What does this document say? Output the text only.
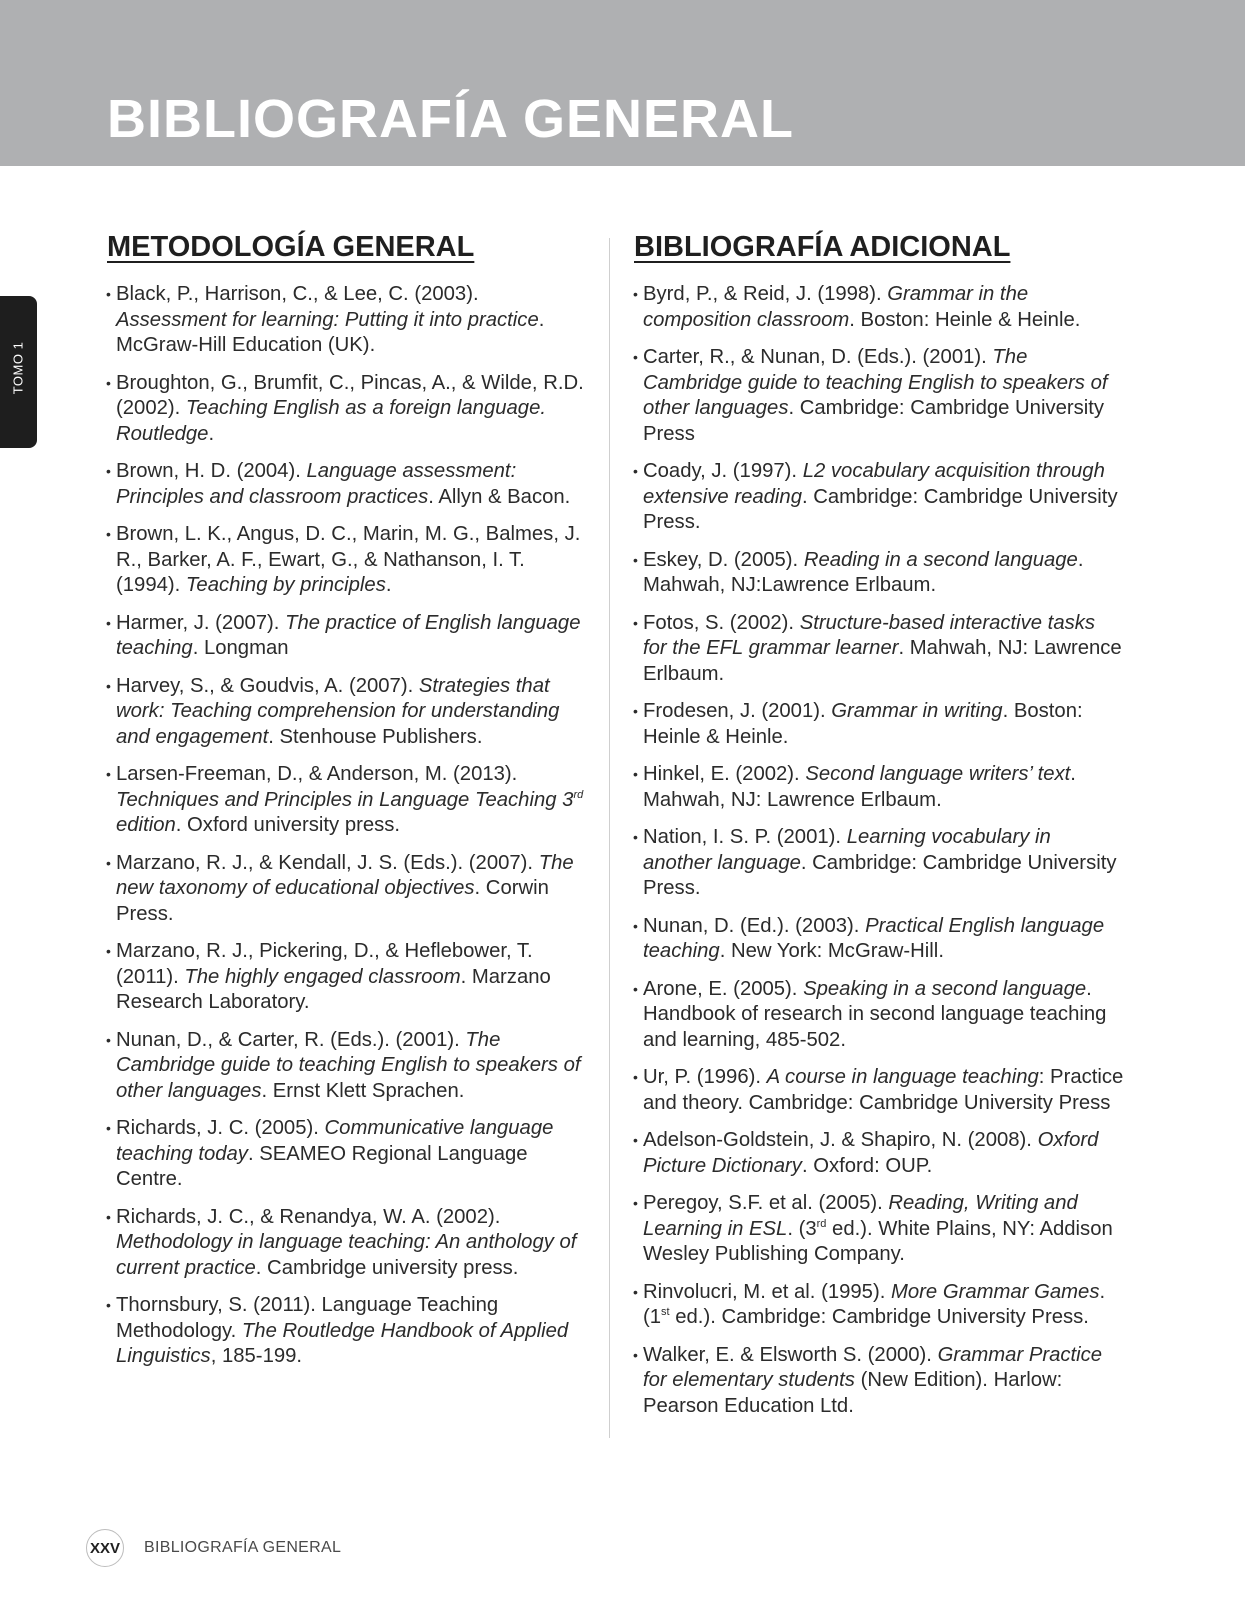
BIBLIOGRAFÍA GENERAL
TOMO 1
METODOLOGÍA GENERAL
• Black, P., Harrison, C., & Lee, C. (2003). Assessment for learning: Putting it into practice. McGraw-Hill Education (UK).
• Broughton, G., Brumfit, C., Pincas, A., & Wilde, R.D. (2002). Teaching English as a foreign language. Routledge.
• Brown, H. D. (2004). Language assessment: Principles and classroom practices. Allyn & Bacon.
• Brown, L. K., Angus, D. C., Marin, M. G., Balmes, J. R., Barker, A. F., Ewart, G., & Nathanson, I. T. (1994). Teaching by principles.
• Harmer, J. (2007). The practice of English language teaching. Longman
• Harvey, S., & Goudvis, A. (2007). Strategies that work: Teaching comprehension for understanding and engagement. Stenhouse Publishers.
• Larsen-Freeman, D., & Anderson, M. (2013). Techniques and Principles in Language Teaching 3rd edition. Oxford university press.
• Marzano, R. J., & Kendall, J. S. (Eds.). (2007). The new taxonomy of educational objectives. Corwin Press.
• Marzano, R. J., Pickering, D., & Heflebower, T. (2011). The highly engaged classroom. Marzano Research Laboratory.
• Nunan, D., & Carter, R. (Eds.). (2001). The Cambridge guide to teaching English to speakers of other languages. Ernst Klett Sprachen.
• Richards, J. C. (2005). Communicative language teaching today. SEAMEO Regional Language Centre.
• Richards, J. C., & Renandya, W. A. (2002). Methodology in language teaching: An anthology of current practice. Cambridge university press.
• Thornsbury, S. (2011). Language Teaching Methodology. The Routledge Handbook of Applied Linguistics, 185-199.
BIBLIOGRAFÍA ADICIONAL
• Byrd, P., & Reid, J. (1998). Grammar in the composition classroom. Boston: Heinle & Heinle.
• Carter, R., & Nunan, D. (Eds.). (2001). The Cambridge guide to teaching English to speakers of other languages. Cambridge: Cambridge University Press
• Coady, J. (1997). L2 vocabulary acquisition through extensive reading. Cambridge: Cambridge University Press.
• Eskey, D. (2005). Reading in a second language. Mahwah, NJ:Lawrence Erlbaum.
• Fotos, S. (2002). Structure-based interactive tasks for the EFL grammar learner. Mahwah, NJ: Lawrence Erlbaum.
• Frodesen, J. (2001). Grammar in writing. Boston: Heinle & Heinle.
• Hinkel, E. (2002). Second language writers’ text. Mahwah, NJ: Lawrence Erlbaum.
• Nation, I. S. P. (2001). Learning vocabulary in another language. Cambridge: Cambridge University Press.
• Nunan, D. (Ed.). (2003). Practical English language teaching. New York: McGraw-Hill.
• Arone, E. (2005). Speaking in a second language. Handbook of research in second language teaching and learning, 485-502.
• Ur, P. (1996). A course in language teaching: Practice and theory. Cambridge: Cambridge University Press
• Adelson-Goldstein, J. & Shapiro, N. (2008). Oxford Picture Dictionary. Oxford: OUP.
• Peregoy, S.F. et al. (2005). Reading, Writing and Learning in ESL. (3rd ed.). White Plains, NY: Addison Wesley Publishing Company.
• Rinvolucri, M. et al. (1995). More Grammar Games. (1st ed.). Cambridge: Cambridge University Press.
• Walker, E. & Elsworth S. (2000). Grammar Practice for elementary students (New Edition). Harlow: Pearson Education Ltd.
XXV BIBLIOGRAFÍA GENERAL
